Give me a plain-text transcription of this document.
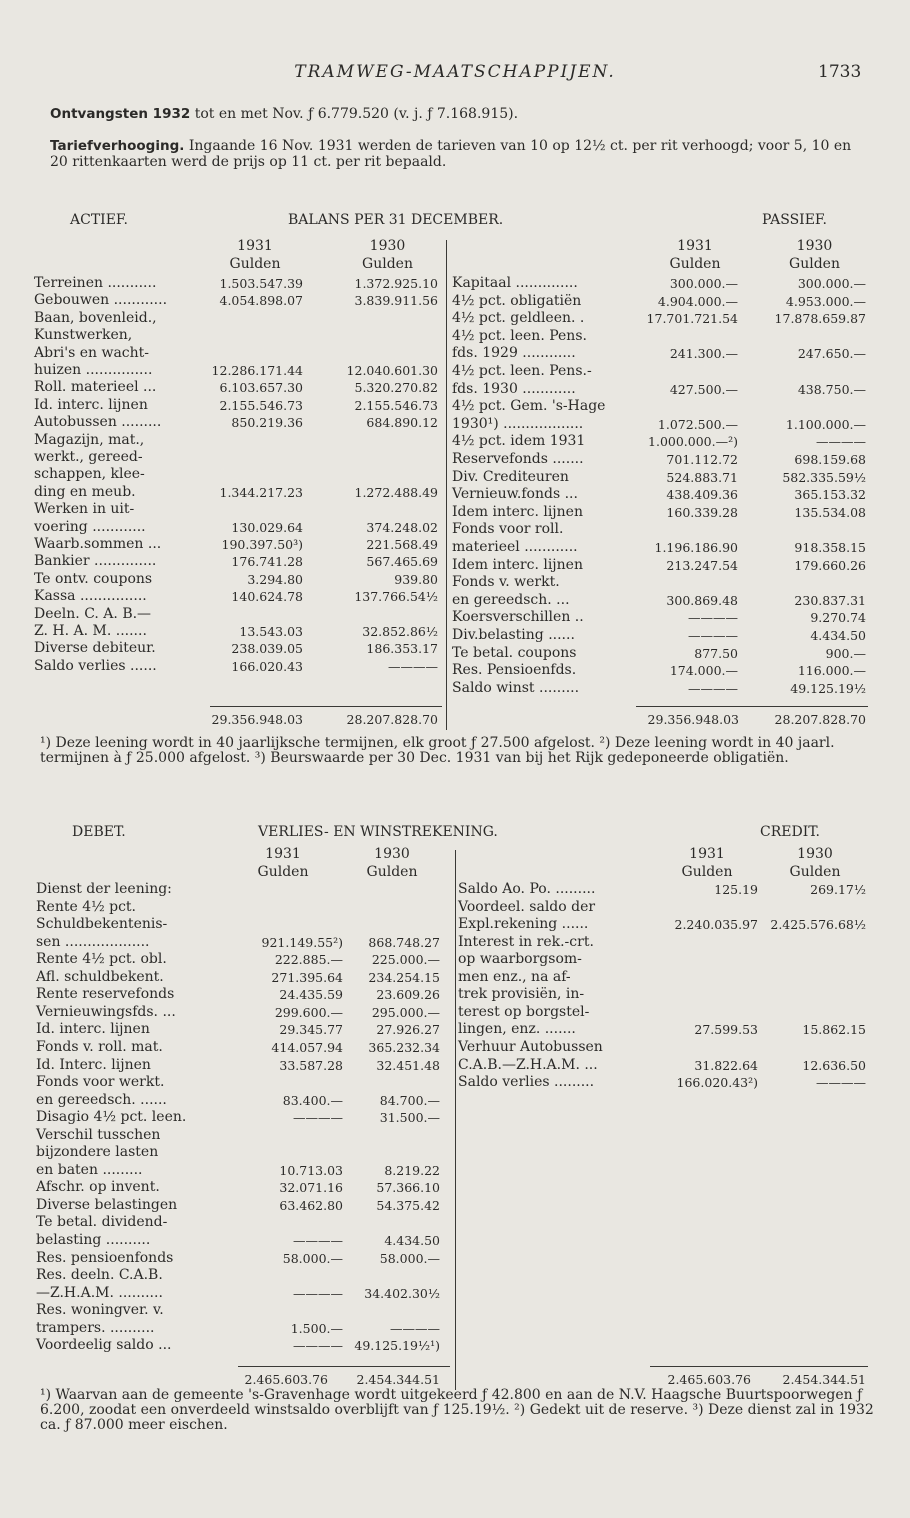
TRAMWEG-MAATSCHAPPIJEN.	1733
Ontvangsten 1932 tot en met Nov. ƒ 6.779.520 (v. j. ƒ 7.168.915).
Tariefverhooging. Ingaande 16 Nov. 1931 werden de tarieven van 10 op 12½ ct. per rit verhoogd; voor 5, 10 en 20 rittenkaarten werd de prijs op 11 ct. per rit bepaald.
ACTIEF.	BALANS PER 31 DECEMBER.	PASSIEF.
1931	1930
Gulden	Gulden
1931	1930
Gulden	Gulden
Terreinen ...........	1.503.547.39	1.372.925.10
Gebouwen ............	4.054.898.07	3.839.911.56
Baan, bovenleid.,
Kunstwerken,
Abri's en wacht-
huizen ...............	12.286.171.44	12.040.601.30
Roll. materieel ...	6.103.657.30	5.320.270.82
Id. interc. lijnen	2.155.546.73	2.155.546.73
Autobussen .........	850.219.36	684.890.12
Magazijn, mat.,
werkt., gereed-
schappen, klee-
ding en meub.	1.344.217.23	1.272.488.49
Werken in uit-
voering ............	130.029.64	374.248.02
Waarb.sommen ...	190.397.50³)	221.568.49
Bankier ..............	176.741.28	567.465.69
Te ontv. coupons	3.294.80	939.80
Kassa ...............	140.624.78	137.766.54½
Deeln. C. A. B.—
Z. H. A. M. .......	13.543.03	32.852.86½
Diverse debiteur.	238.039.05	186.353.17
Saldo verlies ......	166.020.43	————
Kapitaal ..............	300.000.—	300.000.—
4½ pct. obligatiën	4.904.000.—	4.953.000.—
4½ pct. geldleen. .	17.701.721.54	17.878.659.87
4½ pct. leen. Pens.
fds. 1929 ............	241.300.—	247.650.—
4½ pct. leen. Pens.-
fds. 1930 ............	427.500.—	438.750.—
4½ pct. Gem. 's-Hage
1930¹) ..................	1.072.500.—	1.100.000.—
4½ pct. idem 1931	1.000.000.—²)	————
Reservefonds .......	701.112.72	698.159.68
Div. Crediteuren	524.883.71	582.335.59½
Vernieuw.fonds ...	438.409.36	365.153.32
Idem interc. lijnen	160.339.28	135.534.08
Fonds voor roll.
materieel ............	1.196.186.90	918.358.15
Idem interc. lijnen	213.247.54	179.660.26
Fonds v. werkt.
en gereedsch. ...	300.869.48	230.837.31
Koersverschillen ..	————	9.270.74
Div.belasting ......	————	4.434.50
Te betal. coupons	877.50	900.—
Res. Pensioenfds.	174.000.—	116.000.—
Saldo winst .........	————	49.125.19½
29.356.948.03	28.207.828.70	29.356.948.03	28.207.828.70
¹) Deze leening wordt in 40 jaarlijksche termijnen, elk groot ƒ 27.500 afgelost. ²) Deze leening wordt in 40 jaarl. termijnen à ƒ 25.000 afgelost. ³) Beurswaarde per 30 Dec. 1931 van bij het Rijk gedeponeerde obligatiën.
DEBET.	VERLIES- EN WINSTREKENING.	CREDIT.
1931	1930
Gulden	Gulden
1931	1930
Gulden	Gulden
Dienst der leening:
Rente 4½ pct.
Schuldbekentenis-
sen ...................	921.149.55²)	868.748.27
Rente 4½ pct. obl.	222.885.—	225.000.—
Afl. schuldbekent.	271.395.64	234.254.15
Rente reservefonds	24.435.59	23.609.26
Vernieuwingsfds. ...	299.600.—	295.000.—
Id. interc. lijnen	29.345.77	27.926.27
Fonds v. roll. mat.	414.057.94	365.232.34
Id. Interc. lijnen	33.587.28	32.451.48
Fonds voor werkt.
en gereedsch. ......	83.400.—	84.700.—
Disagio 4½ pct. leen.	————	31.500.—
Verschil tusschen
bijzondere lasten
en baten .........	10.713.03	8.219.22
Afschr. op invent.	32.071.16	57.366.10
Diverse belastingen	63.462.80	54.375.42
Te betal. dividend-
belasting ..........	————	4.434.50
Res. pensioenfonds	58.000.—	58.000.—
Res. deeln. C.A.B.
—Z.H.A.M. ..........	————	34.402.30½
Res. woningver. v.
trampers. ..........	1.500.—	————
Voordeelig saldo ...	———— 49.125.19½¹)
Saldo Ao. Po. .........	125.19	269.17½
Voordeel. saldo der
Expl.rekening ......	2.240.035.97 2.425.576.68½
Interest in rek.-crt.
op waarborgsom-
men enz., na af-
trek provisiën, in-
terest op borgstel-
lingen, enz. .......	27.599.53	15.862.15
Verhuur Autobussen
C.A.B.—Z.H.A.M. ...	31.822.64	12.636.50
Saldo verlies .........	166.020.43²)	————
2.465.603.76	2.454.344.51	2.465.603.76	2.454.344.51
¹) Waarvan aan de gemeente 's-Gravenhage wordt uitgekeerd ƒ 42.800 en aan de N.V. Haagsche Buurtspoorwegen ƒ 6.200, zoodat een onverdeeld winstsaldo overblijft van ƒ 125.19½. ²) Gedekt uit de reserve. ³) Deze dienst zal in 1932 ca. ƒ 87.000 meer eischen.
